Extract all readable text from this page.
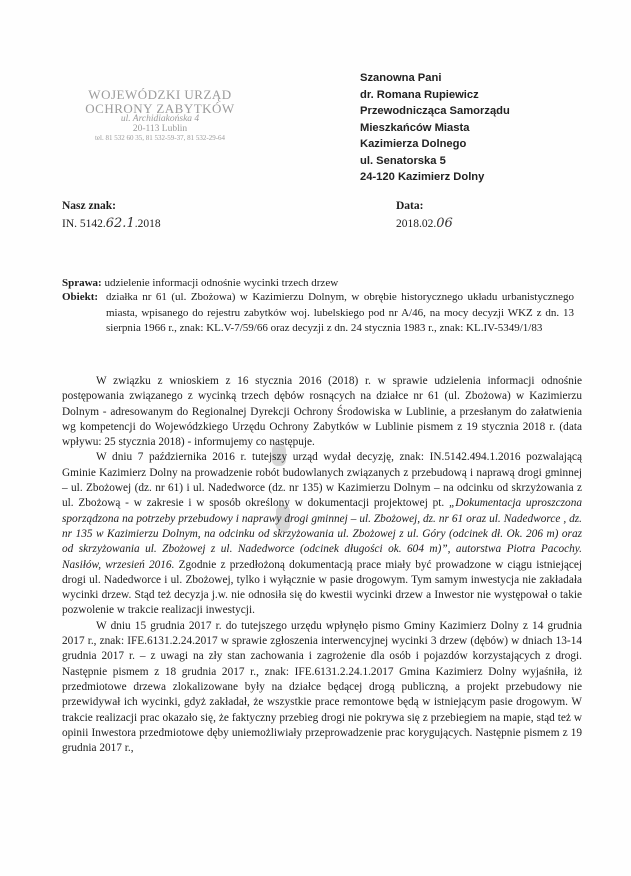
WOJEWÓDZKI URZĄD
OCHRONY ZABYTKÓW
ul. Archidiakońska 4
20-113 Lublin
tel. 81 532 60 35, 81 532-59-37, 81 532-29-64
Szanowna Pani
dr. Romana Rupiewicz
Przewodnicząca Samorządu
Mieszkańców Miasta
Kazimierza Dolnego
ul. Senatorska 5
24-120 Kazimierz Dolny
Nasz znak:
IN. 5142.62.1.2018
Data:
2018.02.06
Sprawa: udzielenie informacji odnośnie wycinki trzech drzew
Obiekt: działka nr 61 (ul. Zbożowa) w Kazimierzu Dolnym, w obrębie historycznego układu urbanistycznego miasta, wpisanego do rejestru zabytków woj. lubelskiego pod nr A/46, na mocy decyzji WKZ z dn. 13 sierpnia 1966 r., znak: KL.V-7/59/66 oraz decyzji z dn. 24 stycznia 1983 r., znak: KL.IV-5349/1/83

W związku z wnioskiem z 16 stycznia 2016 (2018) r. w sprawie udzielenia informacji odnośnie postępowania związanego z wycinką trzech dębów rosnących na działce nr 61 (ul. Zbożowa) w Kazimierzu Dolnym - adresowanym do Regionalnej Dyrekcji Ochrony Środowiska w Lublinie, a przesłanym do załatwienia wg kompetencji do Wojewódzkiego Urzędu Ochrony Zabytków w Lublinie pismem z 19 stycznia 2018 r. (data wpływu: 25 stycznia 2018) - informujemy co następuje.

W dniu 7 października 2016 r. tutejszy urząd wydał decyzję, znak: IN.5142.494.1.2016 pozwalającą Gminie Kazimierz Dolny na prowadzenie robót budowlanych związanych z przebudową i naprawą drogi gminnej – ul. Zbożowej (dz. nr 61) i ul. Nadedworce (dz. nr 135) w Kazimierzu Dolnym – na odcinku od skrzyżowania z ul. Zbożową - w zakresie i w sposób określony w dokumentacji projektowej pt. „Dokumentacja uproszczona sporządzona na potrzeby przebudowy i naprawy drogi gminnej – ul. Zbożowej, dz. nr 61 oraz ul. Nadedworce , dz. nr 135 w Kazimierzu Dolnym, na odcinku od skrzyżowania ul. Zbożowej z ul. Góry (odcinek dł. Ok. 206 m) oraz od skrzyżowania ul. Zbożowej z ul. Nadedworce (odcinek długości ok. 604 m)”, autorstwa Piotra Pacochy. Nasiłów, wrzesień 2016. Zgodnie z przedłożoną dokumentacją prace miały być prowadzone w ciągu istniejącej drogi ul. Nadedworce i ul. Zbożowej, tylko i wyłącznie w pasie drogowym. Tym samym inwestycja nie zakładała wycinki drzew. Stąd też decyzja j.w. nie odnosiła się do kwestii wycinki drzew a Inwestor nie występował o takie pozwolenie w trakcie realizacji inwestycji.

W dniu 15 grudnia 2017 r. do tutejszego urzędu wpłynęło pismo Gminy Kazimierz Dolny z 14 grudnia 2017 r., znak: IFE.6131.2.24.2017 w sprawie zgłoszenia interwencyjnej wycinki 3 drzew (dębów) w dniach 13-14 grudnia 2017 r. – z uwagi na zły stan zachowania i zagrożenie dla osób i pojazdów korzystających z drogi. Następnie pismem z 18 grudnia 2017 r., znak: IFE.6131.2.24.1.2017 Gmina Kazimierz Dolny wyjaśniła, iż przedmiotowe drzewa zlokalizowane były na działce będącej drogą publiczną, a projekt przebudowy nie przewidywał ich wycinki, gdyż zakładał, że wszystkie prace remontowe będą w istniejącym pasie drogowym. W trakcie realizacji prac okazało się, że faktyczny przebieg drogi nie pokrywa się z przebiegiem na mapie, stąd też w opinii Inwestora przedmiotowe dęby uniemożliwiały przeprowadzenie prac korygujących. Następnie pismem z 19 grudnia 2017 r.,
